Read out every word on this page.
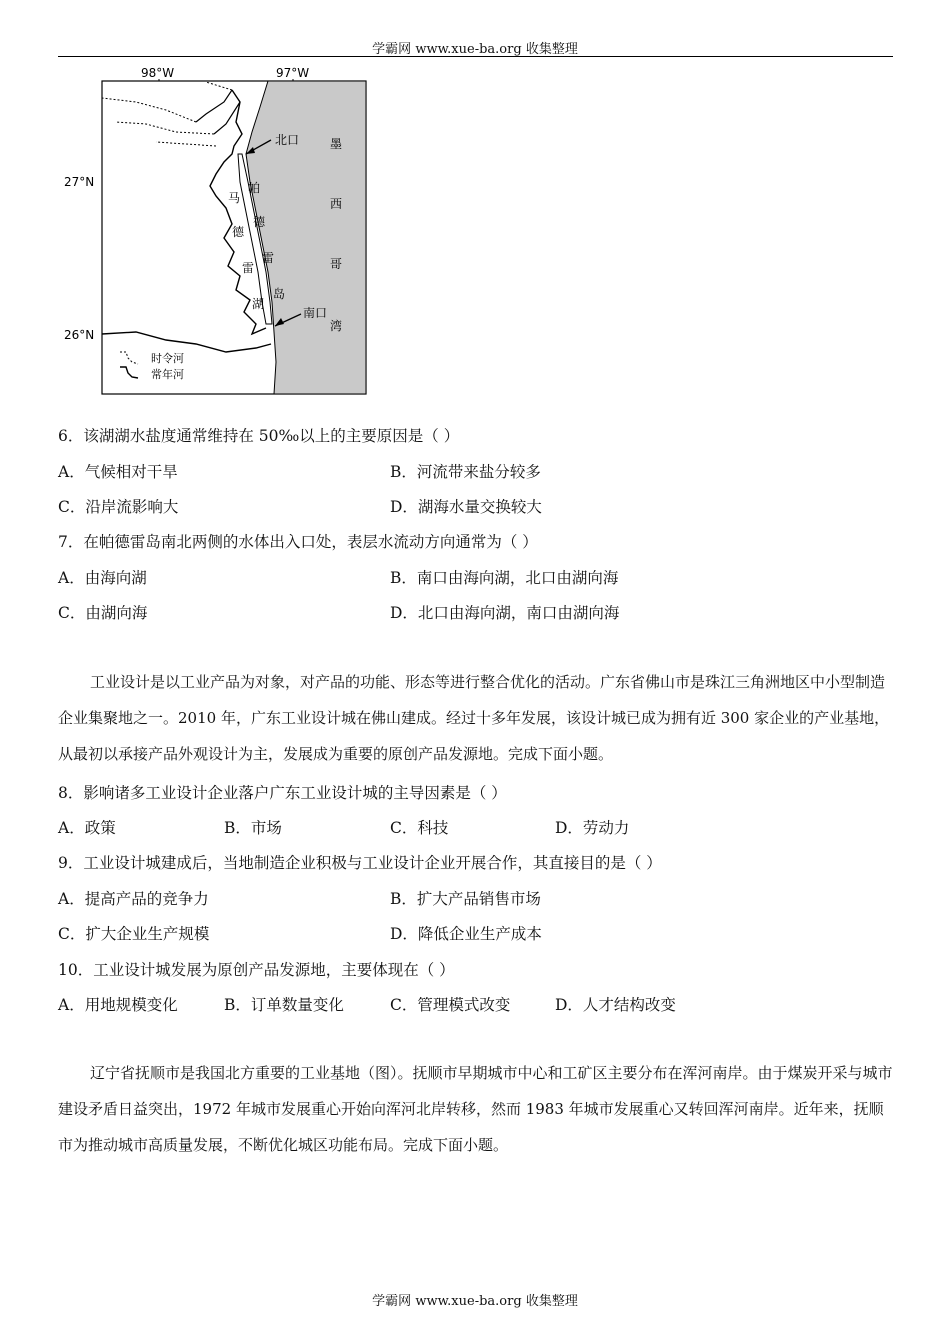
学霸网 www.xue-ba.org 收集整理
98°W	97°W
27°N
26°N
北口
南口
帕
德
雷
岛
马
德
雷
湖
墨
西
哥
湾
时令河
常年河
6．该湖湖水盐度通常维持在 50‰以上的主要原因是（ ）
A．气候相对干旱	B．河流带来盐分较多
C．沿岸流影响大	D．湖海水量交换较大
7．在帕德雷岛南北两侧的水体出入口处，表层水流动方向通常为（ ）
A．由海向湖	B．南口由海向湖，北口由湖向海
C．由湖向海	D．北口由海向湖，南口由湖向海
工业设计是以工业产品为对象，对产品的功能、形态等进行整合优化的活动。广东省佛山市是珠江三角洲地区中小型制造企业集聚地之一。2010 年，广东工业设计城在佛山建成。经过十多年发展，该设计城已成为拥有近 300 家企业的产业基地，从最初以承接产品外观设计为主，发展成为重要的原创产品发源地。完成下面小题。
8．影响诸多工业设计企业落户广东工业设计城的主导因素是（ ）
A．政策	B．市场	C．科技	D．劳动力
9．工业设计城建成后，当地制造企业积极与工业设计企业开展合作，其直接目的是（ ）
A．提高产品的竞争力	B．扩大产品销售市场
C．扩大企业生产规模	D．降低企业生产成本
10．工业设计城发展为原创产品发源地，主要体现在（ ）
A．用地规模变化	B．订单数量变化	C．管理模式改变	D．人才结构改变
辽宁省抚顺市是我国北方重要的工业基地（图）。抚顺市早期城市中心和工矿区主要分布在浑河南岸。由于煤炭开采与城市建设矛盾日益突出，1972 年城市发展重心开始向浑河北岸转移，然而 1983 年城市发展重心又转回浑河南岸。近年来，抚顺市为推动城市高质量发展，不断优化城区功能布局。完成下面小题。
学霸网 www.xue-ba.org 收集整理
